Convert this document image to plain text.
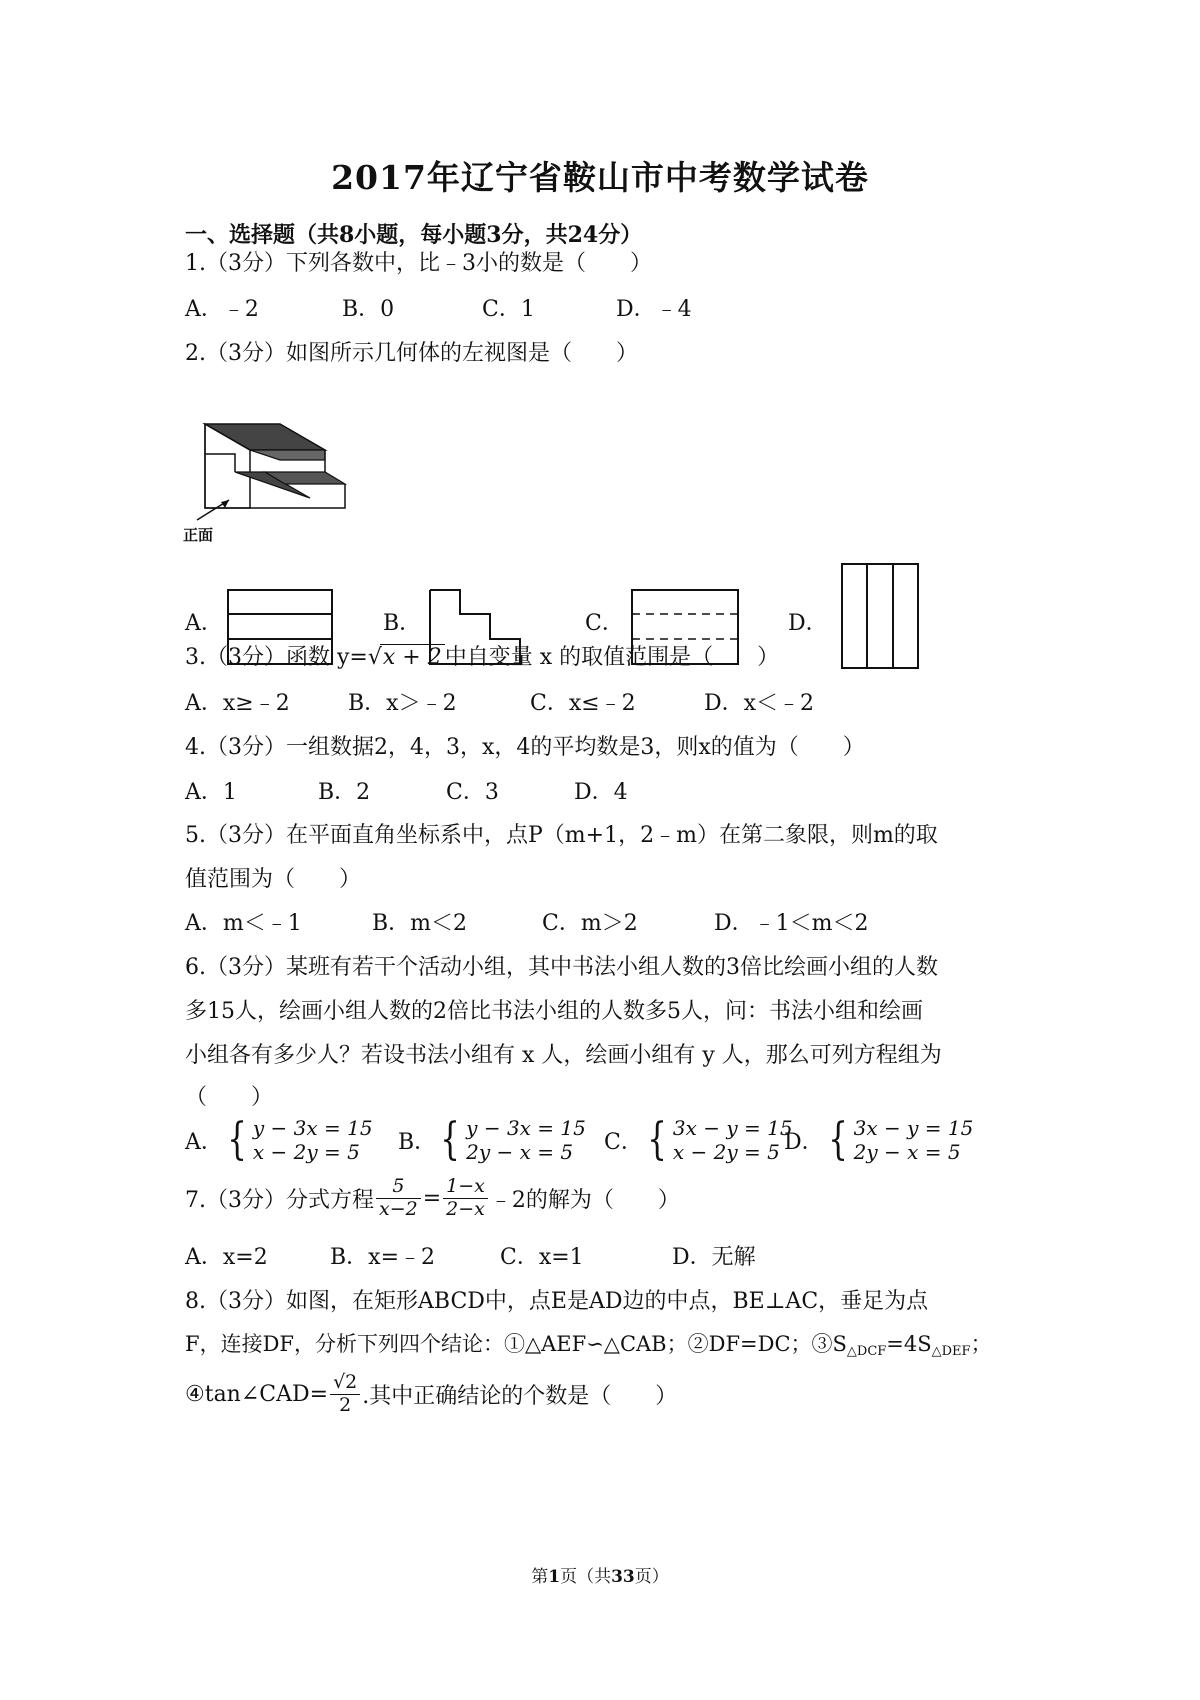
2017年辽宁省鞍山市中考数学试卷
一、选择题（共8小题，每小题3分，共24分）
1.（3分）下列各数中，比﹣3小的数是（　　）
A．﹣2	B．0	C．1	D．﹣4
2.（3分）如图所示几何体的左视图是（　　）
正面
A．	B．	C．	D．
3.（3分）函数 y=√x + 2 中自变量 x 的取值范围是（　　）
A．x≥﹣2	B．x＞﹣2	C．x≤﹣2	D．x＜﹣2
4.（3分）一组数据2，4，3，x，4的平均数是3，则x的值为（　　）
A．1	B．2	C．3	D．4
5.（3分）在平面直角坐标系中，点P（m+1，2﹣m）在第二象限，则m的取
值范围为（　　）
A．m＜﹣1	B．m＜2	C．m＞2	D．﹣1＜m＜2
6.（3分）某班有若干个活动小组，其中书法小组人数的3倍比绘画小组的人数
多15人，绘画小组人数的2倍比书法小组的人数多5人，问：书法小组和绘画
小组各有多少人？若设书法小组有 x 人，绘画小组有 y 人，那么可列方程组为
（　　）
A． { y − 3x = 15
x − 2y = 5	B． { y − 3x = 15
2y − x = 5	C． { 3x − y = 15
x − 2y = 5 D． { 3x − y = 15
2y − x = 5
7.（3分）分式方程 $\frac{5}{x-2} = \frac{1-x}{2-x}$ ﹣2的解为（　　）
A．x=2	B．x=﹣2	C．x=1	D．无解
8.（3分）如图，在矩形ABCD中，点E是AD边的中点，BE⊥AC，垂足为点
F，连接DF，分析下列四个结论：①△AEF∽△CAB；②DF=DC；$③S_{\triangle DCF}=4S_{\triangle DEF}$；
④tan∠CAD= $\frac{√2}{2}$ .其中正确结论的个数是（　　）
第1页（共33页）
